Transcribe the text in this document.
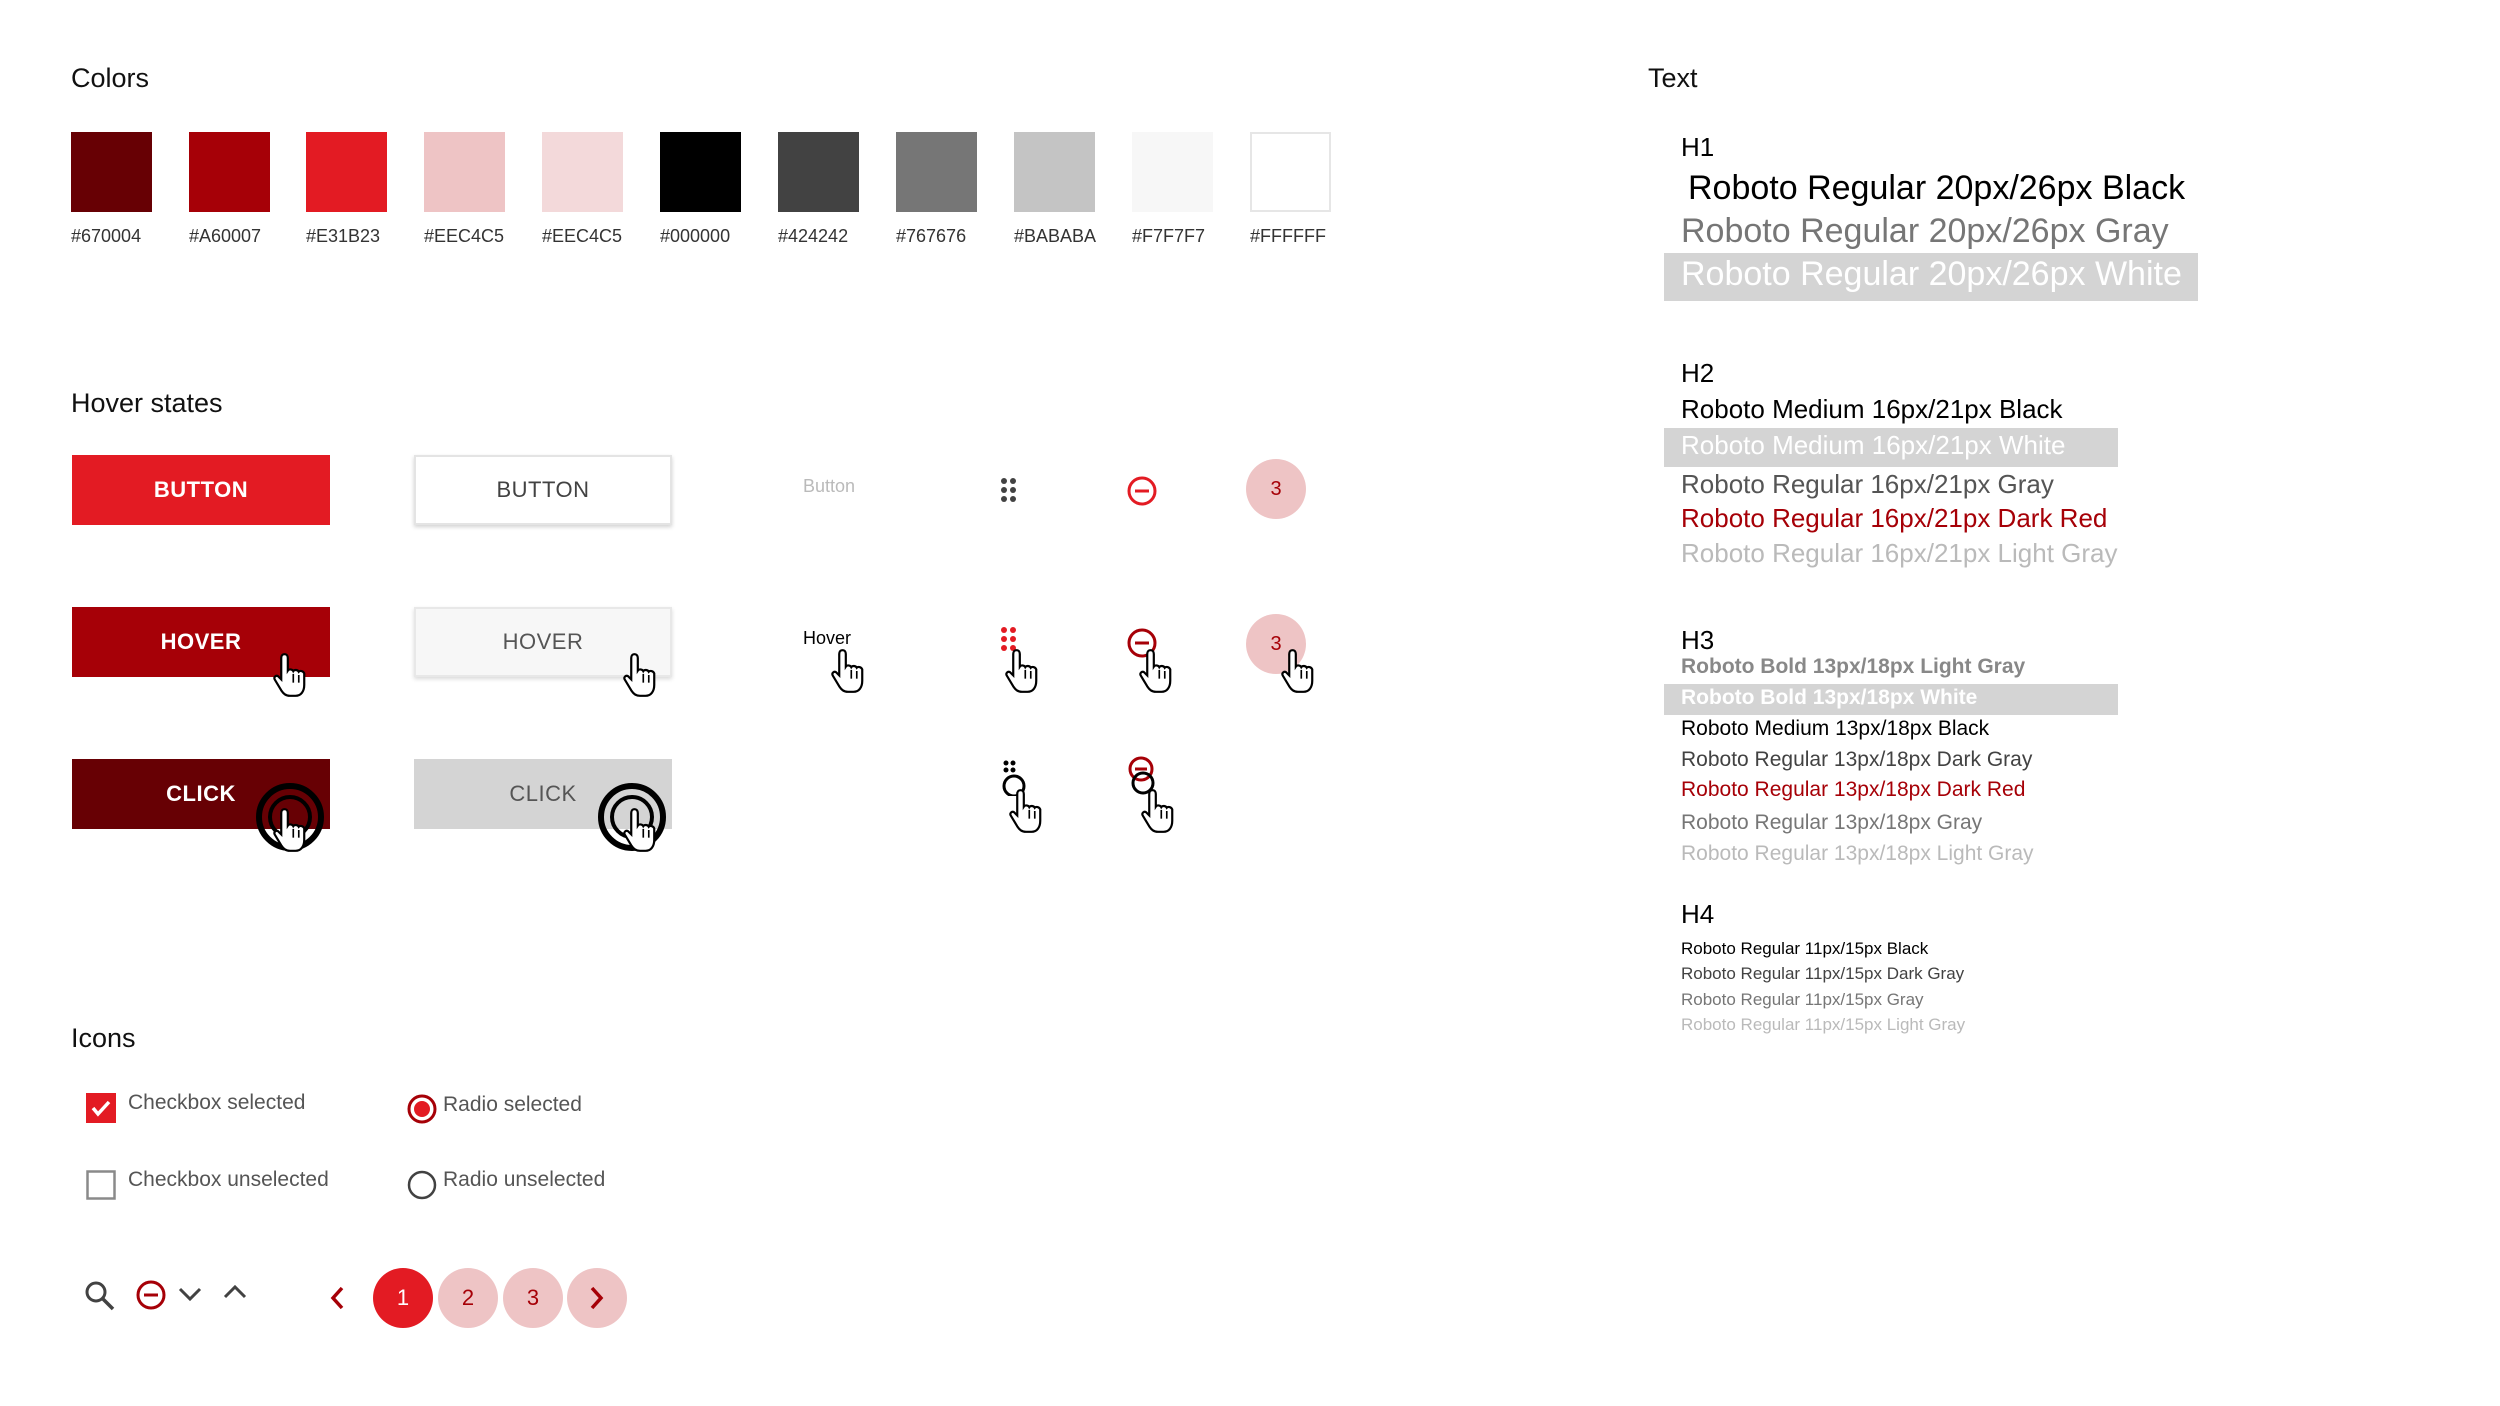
Colors
#670004	#A60007 #E31B23 #EEC4C5 #EEC4C5 #000000	#424242	#767676	#BABABA #F7F7F7 #FFFFFF
Hover states
BUTTON	BUTTON	Button	3
HOVER	HOVER	Hover	3
CLICK	CLICK
Icons
Checkbox selected
Checkbox unselected
Radio selected
Radio unselected
1	2	3
Text
H1
Roboto Regular 20px/26px Black
Roboto Regular 20px/26px Gray
Roboto Regular 20px/26px White
H2
Roboto Medium 16px/21px Black
Roboto Medium 16px/21px White
Roboto Regular 16px/21px Gray
Roboto Regular 16px/21px Dark Red
Roboto Regular 16px/21px Light Gray
H3
Roboto Bold 13px/18px Light Gray
Roboto Bold 13px/18px White
Roboto Medium 13px/18px Black
Roboto Regular 13px/18px Dark Gray
Roboto Regular 13px/18px Dark Red
Roboto Regular 13px/18px Gray
Roboto Regular 13px/18px Light Gray
H4
Roboto Regular 11px/15px Black
Roboto Regular 11px/15px Dark Gray
Roboto Regular 11px/15px Gray
Roboto Regular 11px/15px Light Gray
